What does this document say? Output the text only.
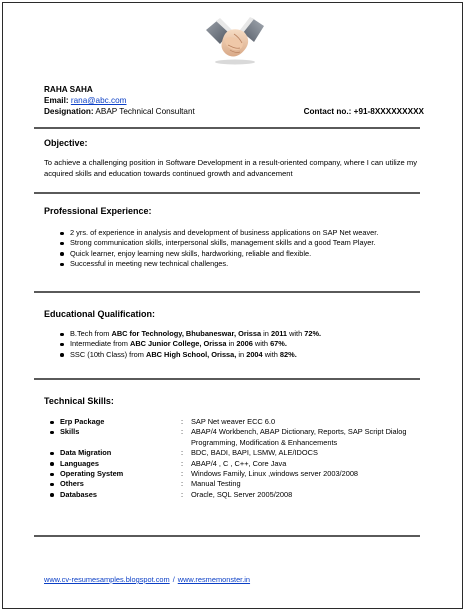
RAHA SAHA
Email: rana@abc.com
Designation: ABAP Technical Consultant	Contact no.: +91-8XXXXXXXXX
Objective:
To achieve a challenging position in Software Development in a result-oriented company, where I can utilize my acquired skills and education towards continued growth and advancement
Professional Experience:
2 yrs. of experience in analysis and development of business applications on SAP Net weaver.
Strong communication skills, interpersonal skills, management skills and a good Team Player.
Quick learner, enjoy learning new skills, hardworking, reliable and flexible.
Successful in meeting new technical challenges.
Educational Qualification:
B.Tech from ABC for Technology, Bhubaneswar, Orissa in 2011 with 72%.
Intermediate from ABC Junior College, Orissa in 2006 with 67%.
SSC (10th Class) from ABC High School, Orissa, in 2004 with 82%.
Technical Skills:
Erp Package	:	SAP Net weaver ECC 6.0
Skills	:	ABAP/4 Workbench, ABAP Dictionary, Reports, SAP Script Dialog Programming, Modification & Enhancements
Data Migration	:	BDC, BADI, BAPI, LSMW, ALE/IDOCS
Languages	:	ABAP/4 , C , C++, Core Java
Operating System	:	Windows Family, Linux ,windows server 2003/2008
Others	:	Manual Testing
Databases	:	Oracle, SQL Server 2005/2008
www.cv-resumesamples.blogspot.com / www.resmemonster.in
